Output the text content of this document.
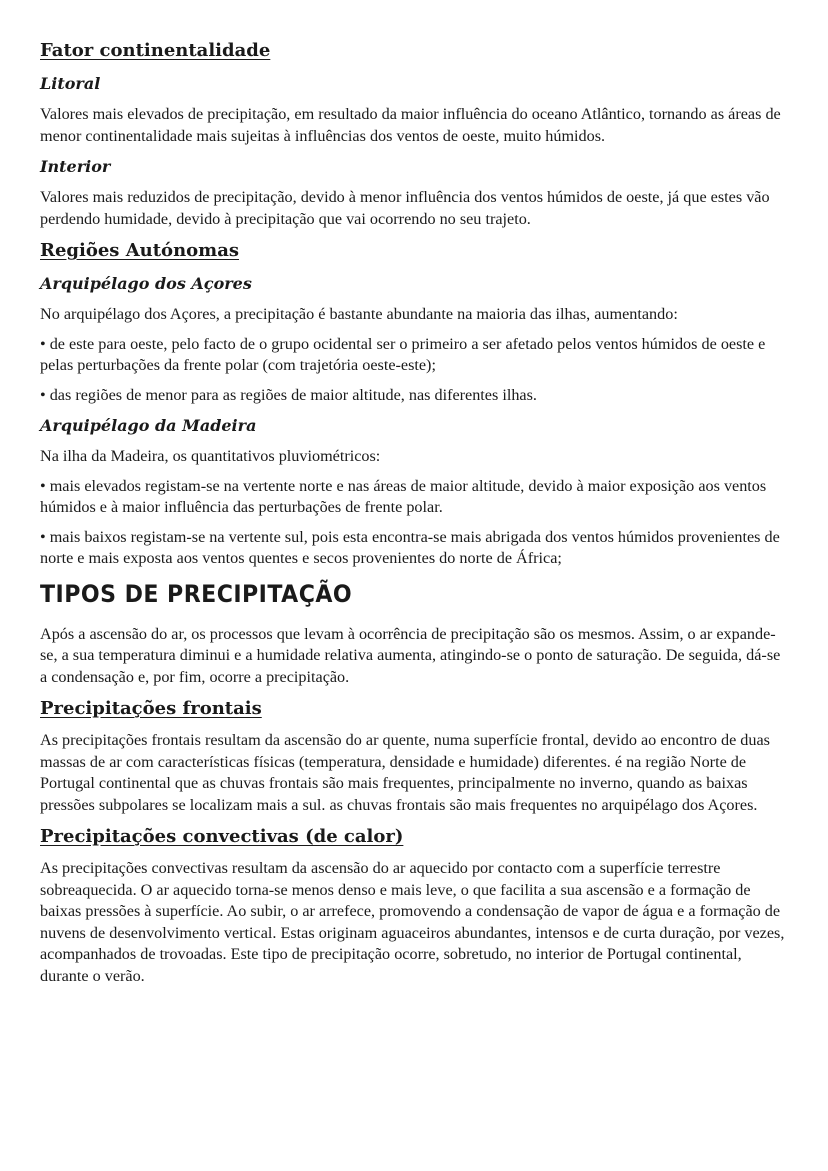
Fator continentalidade
Litoral

Valores mais elevados de precipitação, em resultado da maior influência do oceano Atlântico, tornando as áreas de menor continentalidade mais sujeitas à influências dos ventos de oeste, muito húmidos.

Interior

Valores mais reduzidos de precipitação, devido à menor influência dos ventos húmidos de oeste, já que estes vão perdendo humidade, devido à precipitação que vai ocorrendo no seu trajeto.

Regiões Autónomas
Arquipélago dos Açores

No arquipélago dos Açores, a precipitação é bastante abundante na maioria das ilhas, aumentando:

• de este para oeste, pelo facto de o grupo ocidental ser o primeiro a ser afetado pelos ventos húmidos de oeste e pelas perturbações da frente polar (com trajetória oeste-este);

• das regiões de menor para as regiões de maior altitude, nas diferentes ilhas.

Arquipélago da Madeira

Na ilha da Madeira, os quantitativos pluviométricos:

• mais elevados registam-se na vertente norte e nas áreas de maior altitude, devido à maior exposição aos ventos húmidos e à maior influência das perturbações de frente polar.

• mais baixos registam-se na vertente sul, pois esta encontra-se mais abrigada dos ventos húmidos provenientes de norte e mais exposta aos ventos quentes e secos provenientes do norte de África;

TIPOS DE PRECIPITAÇÃO

Após a ascensão do ar, os processos que levam à ocorrência de precipitação são os mesmos. Assim, o ar expande-se, a sua temperatura diminui e a humidade relativa aumenta, atingindo-se o ponto de saturação. De seguida, dá-se a condensação e, por fim, ocorre a precipitação.

Precipitações frontais

As precipitações frontais resultam da ascensão do ar quente, numa superfície frontal, devido ao encontro de duas massas de ar com características físicas (temperatura, densidade e humidade) diferentes. é na região Norte de Portugal continental que as chuvas frontais são mais frequentes, principalmente no inverno, quando as baixas pressões subpolares se localizam mais a sul. as chuvas frontais são mais frequentes no arquipélago dos Açores.

Precipitações convectivas (de calor)

As precipitações convectivas resultam da ascensão do ar aquecido por contacto com a superfície terrestre sobreaquecida. O ar aquecido torna-se menos denso e mais leve, o que facilita a sua ascensão e a formação de baixas pressões à superfície. Ao subir, o ar arrefece, promovendo a condensação de vapor de água e a formação de nuvens de desenvolvimento vertical. Estas originam aguaceiros abundantes, intensos e de curta duração, por vezes, acompanhados de trovoadas. Este tipo de precipitação ocorre, sobretudo, no interior de Portugal continental, durante o verão.
